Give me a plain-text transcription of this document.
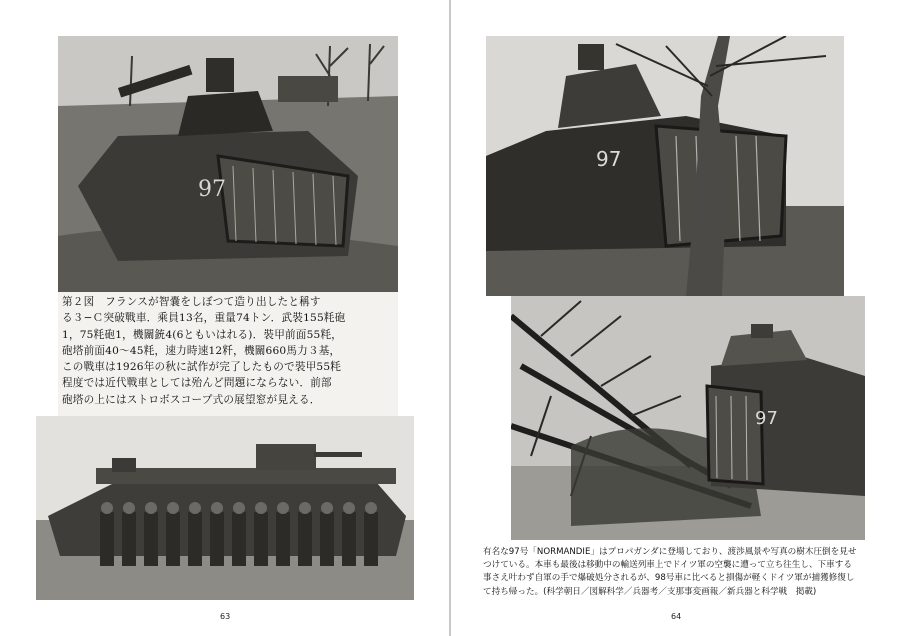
97
第２図　フランスが智嚢をしぼつて造り出したと稱す
る３−Ｃ突破戰車．乘員13名，重量74トン．武裝155粍砲
1，75粍砲1，機關銃4(6ともいはれる)．裝甲前面55粍，
砲塔前面40〜45粍，速力時速12粁，機關660馬力３基，
この戰車は1926年の秋に試作が完了したもので裝甲55粍
程度では近代戰車としては殆んど問題にならない．前部
砲塔の上にはストロボスコープ式の展望窓が見える．
63
97
97
有名な97号「NORMANDIE」はプロパガンダに登場しており、渡渉風景や写真の樹木圧倒を見せ
つけている。本車も最後は移動中の輸送列車上でドイツ軍の空襲に遭って立ち往生し、下車する
事さえ叶わず自軍の手で爆破処分されるが、98号車に比べると損傷が軽くドイツ軍が捕獲修復し
て持ち帰った。(科学朝日／図解科学／兵器考／支那事変画報／新兵器と科学戦　掲載)
64
